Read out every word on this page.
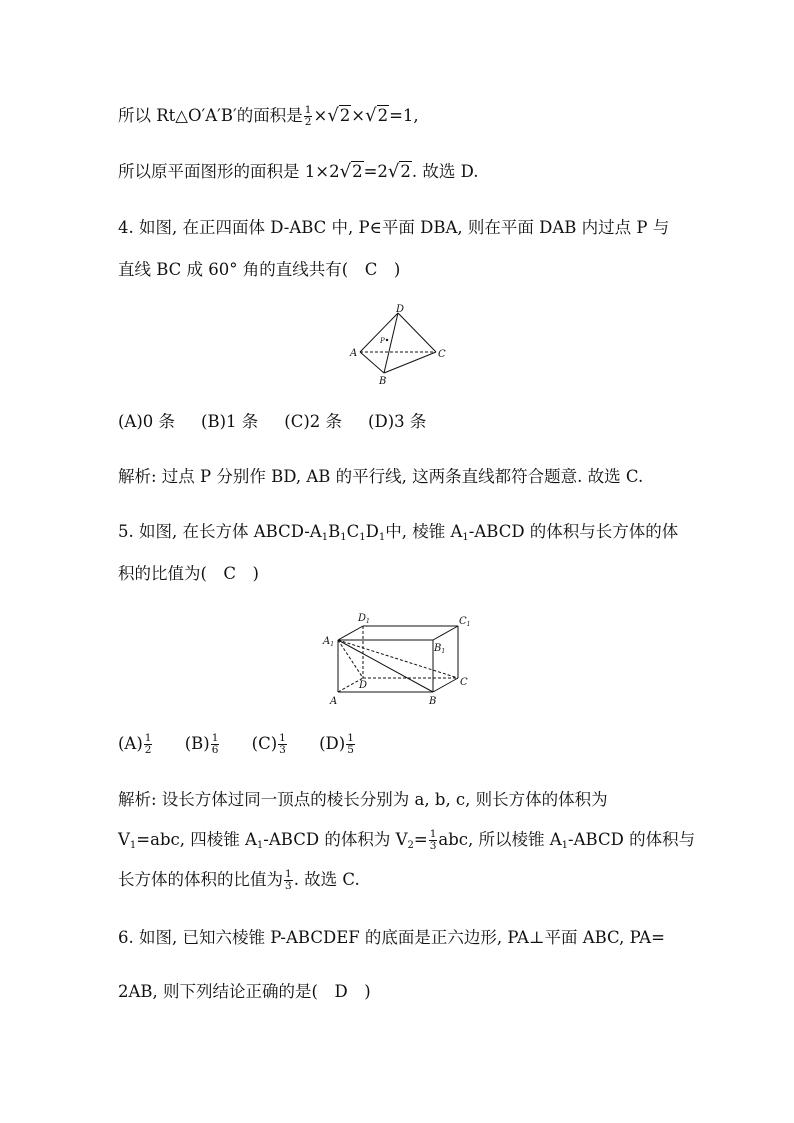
所以 Rt△O′A′B′的面积是 $\frac{1}{2} \times√2\times√2=1$,
所以原平面图形的面积是 1×2√2=2√2. 故选 D.
4. 如图, 在正四面体 D-ABC 中, P∈平面 DBA, 则在平面 DAB 内过点 P 与
直线 BC 成 60° 角的直线共有(　C　)
D
A
B
C
P
(A)0 条 (B)1 条 (C)2 条 (D)3 条
解析: 过点 P 分别作 BD, AB 的平行线, 这两条直线都符合题意. 故选 C.
5. 如图, 在长方体 ABCD-$A_1B_1C_1D_1$中, 棱锥 $A_1$-ABCD 的体积与长方体的体
积的比值为(　C　)
$A_1$
$D_1$	$C_1$
$B_1$
D	C
A	B
$(A) \frac{1}{2} (B) \frac{1}{6} (C) \frac{1}{3} (D) \frac{1}{5}$
解析: 设长方体过同一顶点的棱长分别为 a, b, c, 则长方体的体积为
$V_1=abc$, 四棱锥 $A_1$-ABCD 的体积为 $V_2= \frac{1}{3}$ abc, 所以棱锥 $A_1$-ABCD 的体积与
长方体的体积的比值为 $\frac{1}{3}$ . 故选 C.
6. 如图, 已知六棱锥 P-ABCDEF 的底面是正六边形, PA⊥平面 ABC, PA=
2AB, 则下列结论正确的是(　D　)
